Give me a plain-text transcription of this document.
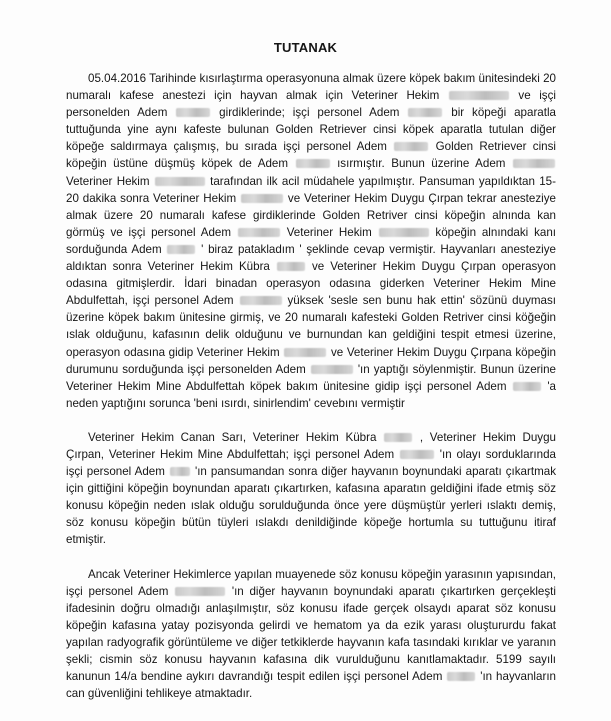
TUTANAK

05.04.2016 Tarihinde kısırlaştırma operasyonuna almak üzere köpek bakım ünitesindeki 20 numaralı kafese anestezi için hayvan almak için Veteriner Hekim	ve işçi personelden Adem	girdiklerinde; işçi personel Adem	bir köpeği aparatla tuttuğunda yine aynı kafeste bulunan Golden Retriever cinsi köpek aparatla tutulan diğer köpeğe saldırmaya çalışmış, bu sırada işçi personel Adem	Golden Retriever cinsi köpeğin üstüne düşmüş köpek de Adem	ısırmıştır. Bunun üzerine Adem  Veteriner Hekim	tarafından ilk acil müdahele yapılmıştır. Pansuman yapıldıktan 15- 20 dakika sonra Veteriner Hekim	ve Veteriner Hekim Duygu Çırpan tekrar anesteziye almak üzere 20 numaralı kafese girdiklerinde Golden Retriver cinsi köpeğin alnında kan görmüş ve işçi personel Adem	Veteriner Hekim	köpeğin alnındaki kanı sorduğunda Adem	' biraz patakladım ' şeklinde cevap vermiştir. Hayvanları anesteziye aldıktan sonra Veteriner Hekim Kübra	ve Veteriner Hekim Duygu Çırpan operasyon odasına gitmişlerdir. İdari binadan operasyon odasına giderken Veteriner Hekim Mine Abdulfettah, işçi personel Adem	yüksek 'sesle sen bunu hak ettin' sözünü duyması üzerine köpek bakım ünitesine girmiş, ve 20 numaralı kafesteki Golden Retriver cinsi köğeğin ıslak olduğunu, kafasının delik olduğunu ve burnundan kan geldiğini tespit etmesi üzerine, operasyon odasına gidip Veteriner Hekim	ve Veteriner Hekim Duygu Çırpana köpeğin durumunu sorduğunda işçi personelden Adem	'ın yaptığı söylenmiştir. Bunun üzerine Veteriner Hekim Mine Abdulfettah köpek bakım ünitesine gidip işçi personel Adem	'a neden yaptığını sorunca 'beni ısırdı, sinirlendim' cevebını vermiştir

Veteriner Hekim Canan Sarı, Veteriner Hekim Kübra	, Veteriner Hekim Duygu Çırpan, Veteriner Hekim Mine Abdulfettah; işçi personel Adem	'ın olayı sorduklarında işçi personel Adem	'ın pansumandan sonra diğer hayvanın boynundaki aparatı çıkartmak için gittiğini köpeğin boynundan aparatı çıkartırken, kafasına aparatın geldiğini ifade etmiş söz konusu köpeğin neden ıslak olduğu sorulduğunda önce yere düşmüştür yerleri ıslaktı demiş, söz konusu köpeğin bütün tüyleri ıslakdı denildiğinde köpeğe hortumla su tuttuğunu itiraf etmiştir.

Ancak Veteriner Hekimlerce yapılan muayenede söz konusu köpeğin yarasının yapısından, işçi personel Adem	'ın diğer hayvanın boynundaki aparatı çıkartırken gerçekleşti ifadesinin doğru olmadığı anlaşılmıştır, söz konusu ifade gerçek olsaydı aparat söz konusu köpeğin kafasına yatay pozisyonda gelirdi ve hematom ya da ezik yarası oluştururdu fakat yapılan radyografik görüntüleme ve diğer tetkiklerde hayvanın kafa tasındaki kırıklar ve yaranın şekli; cismin söz konusu hayvanın kafasına dik vurulduğunu kanıtlamaktadır. 5199 sayılı kanunun 14/a bendine aykırı davrandığı tespit edilen işçi personel Adem	'ın hayvanların can güvenliğini tehlikeye atmaktadır.
